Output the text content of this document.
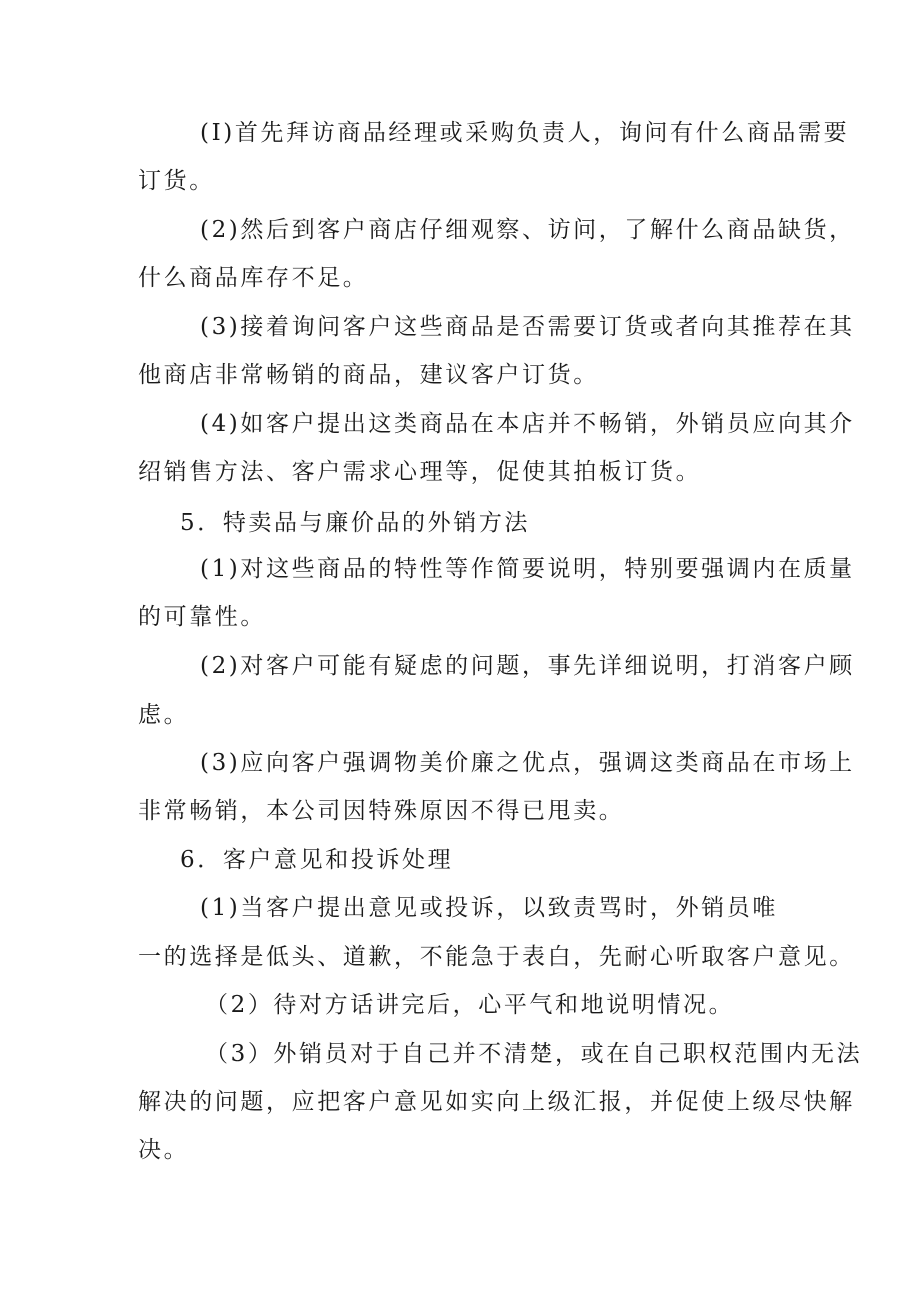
(I)首先拜访商品经理或采购负责人，询问有什么商品需要

订货。

(2)然后到客户商店仔细观察、访问，了解什么商品缺货，

什么商品库存不足。

(3)接着询问客户这些商品是否需要订货或者向其推荐在其

他商店非常畅销的商品，建议客户订货。

(4)如客户提出这类商品在本店并不畅销，外销员应向其介

绍销售方法、客户需求心理等，促使其拍板订货。

5．特卖品与廉价品的外销方法

(1)对这些商品的特性等作简要说明，特别要强调内在质量

的可靠性。

(2)对客户可能有疑虑的问题，事先详细说明，打消客户顾

虑。

(3)应向客户强调物美价廉之优点，强调这类商品在市场上

非常畅销，本公司因特殊原因不得已甩卖。

6．客户意见和投诉处理

(1)当客户提出意见或投诉，以致责骂时，外销员唯

一的选择是低头、道歉，不能急于表白，先耐心听取客户意见。

（2）待对方话讲完后，心平气和地说明情况。

（3）外销员对于自己并不清楚，或在自己职权范围内无法

解决的问题，应把客户意见如实向上级汇报，并促使上级尽快解

决。
